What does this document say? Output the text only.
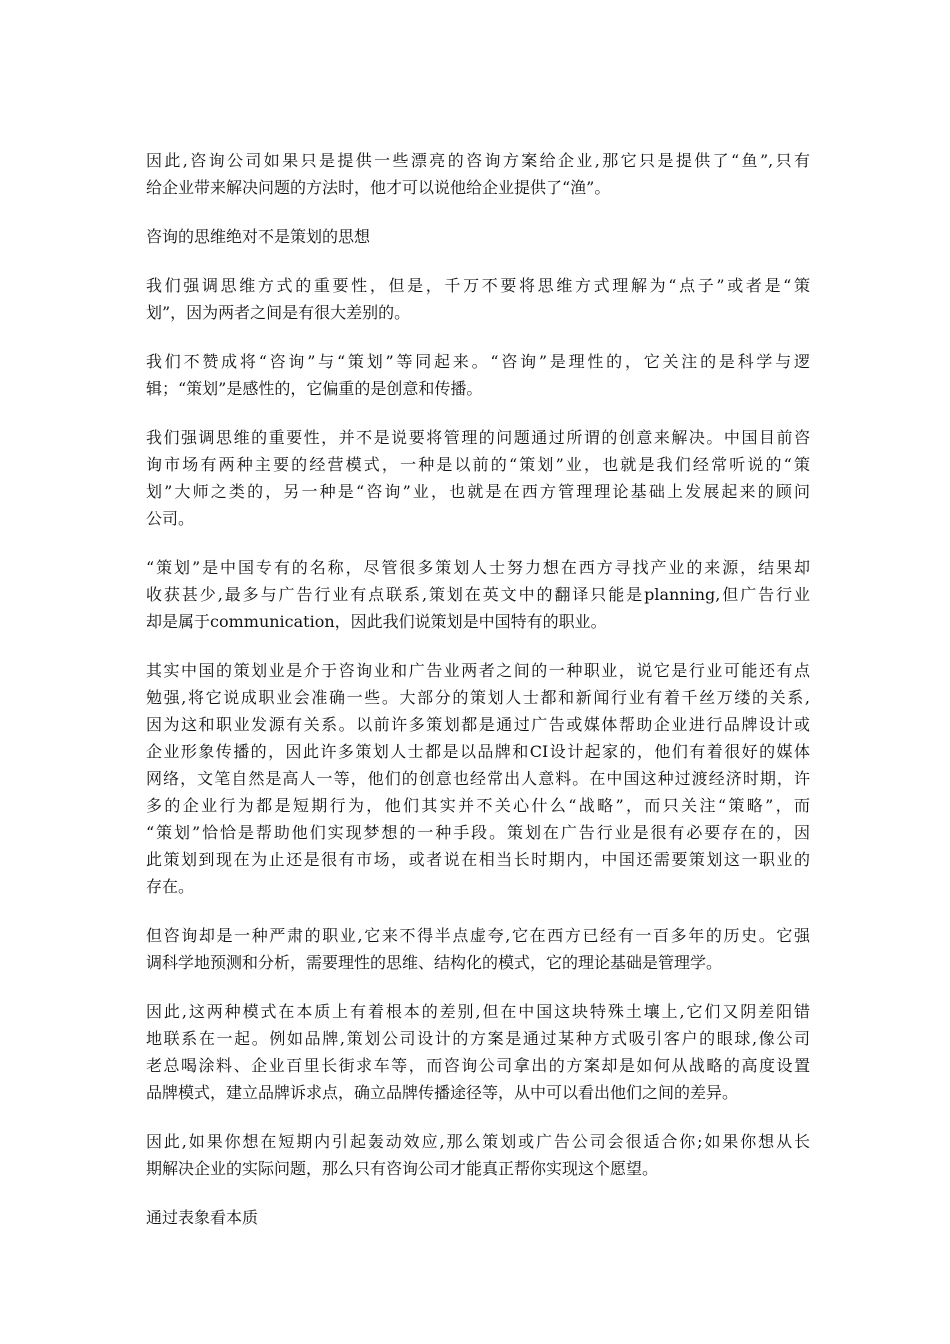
因此,咨询公司如果只是提供一些漂亮的咨询方案给企业,那它只是提供了“鱼”,只有
给企业带来解决问题的方法时，他才可以说他给企业提供了“渔”。
咨询的思维绝对不是策划的思想
我们强调思维方式的重要性，但是，千万不要将思维方式理解为“点子”或者是“策
划”，因为两者之间是有很大差别的。
我们不赞成将“咨询”与“策划”等同起来。“咨询”是理性的，它关注的是科学与逻
辑；“策划”是感性的，它偏重的是创意和传播。
我们强调思维的重要性，并不是说要将管理的问题通过所谓的创意来解决。中国目前咨
询市场有两种主要的经营模式，一种是以前的“策划”业，也就是我们经常听说的“策
划”大师之类的，另一种是“咨询”业，也就是在西方管理理论基础上发展起来的顾问
公司。
“策划”是中国专有的名称，尽管很多策划人士努力想在西方寻找产业的来源，结果却
收获甚少,最多与广告行业有点联系,策划在英文中的翻译只能是planning,但广告行业
却是属于communication，因此我们说策划是中国特有的职业。
其实中国的策划业是介于咨询业和广告业两者之间的一种职业，说它是行业可能还有点
勉强,将它说成职业会准确一些。大部分的策划人士都和新闻行业有着千丝万缕的关系,
因为这和职业发源有关系。以前许多策划都是通过广告或媒体帮助企业进行品牌设计或
企业形象传播的，因此许多策划人士都是以品牌和CI设计起家的，他们有着很好的媒体
网络，文笔自然是高人一等，他们的创意也经常出人意料。在中国这种过渡经济时期，许
多的企业行为都是短期行为，他们其实并不关心什么“战略”，而只关注“策略”，而
“策划”恰恰是帮助他们实现梦想的一种手段。策划在广告行业是很有必要存在的，因
此策划到现在为止还是很有市场，或者说在相当长时期内，中国还需要策划这一职业的
存在。
但咨询却是一种严肃的职业,它来不得半点虚夸,它在西方已经有一百多年的历史。它强
调科学地预测和分析，需要理性的思维、结构化的模式，它的理论基础是管理学。
因此,这两种模式在本质上有着根本的差别,但在中国这块特殊土壤上,它们又阴差阳错
地联系在一起。例如品牌,策划公司设计的方案是通过某种方式吸引客户的眼球,像公司
老总喝涂料、企业百里长街求车等，而咨询公司拿出的方案却是如何从战略的高度设置
品牌模式，建立品牌诉求点，确立品牌传播途径等，从中可以看出他们之间的差异。
因此,如果你想在短期内引起轰动效应,那么策划或广告公司会很适合你;如果你想从长
期解决企业的实际问题，那么只有咨询公司才能真正帮你实现这个愿望。
通过表象看本质
